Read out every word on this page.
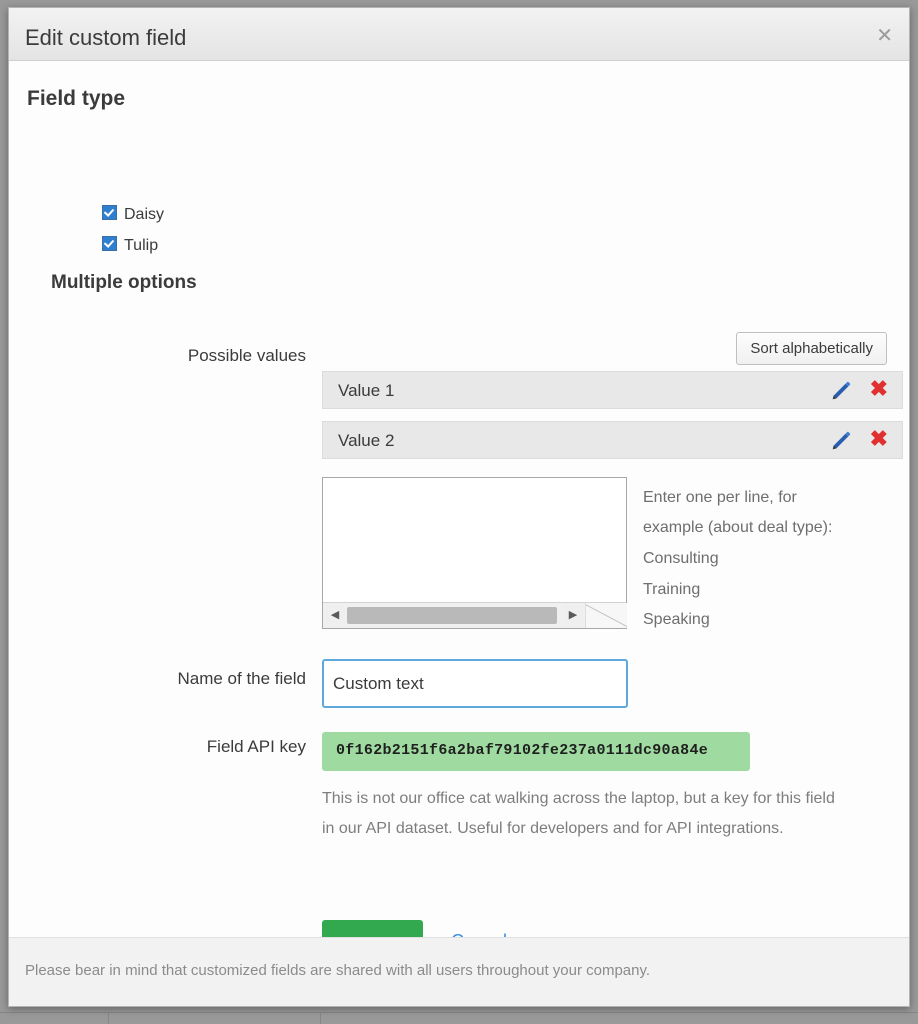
Edit custom field	✕
Field type
Daisy
Tulip
Multiple options
Possible values	Sort alphabetically
Value 1	✖
Value 2	✖
◀	▶
Enter one per line, for
example (about deal type):
Consulting
Training
Speaking
Name of the field
Custom text
Field API key	0f162b2151f6a2baf79102fe237a0111dc90a84e
This is not our office cat walking across the laptop, but a key for this field in our API dataset. Useful for developers and for API integrations.
Please bear in mind that customized fields are shared with all users throughout your company.
